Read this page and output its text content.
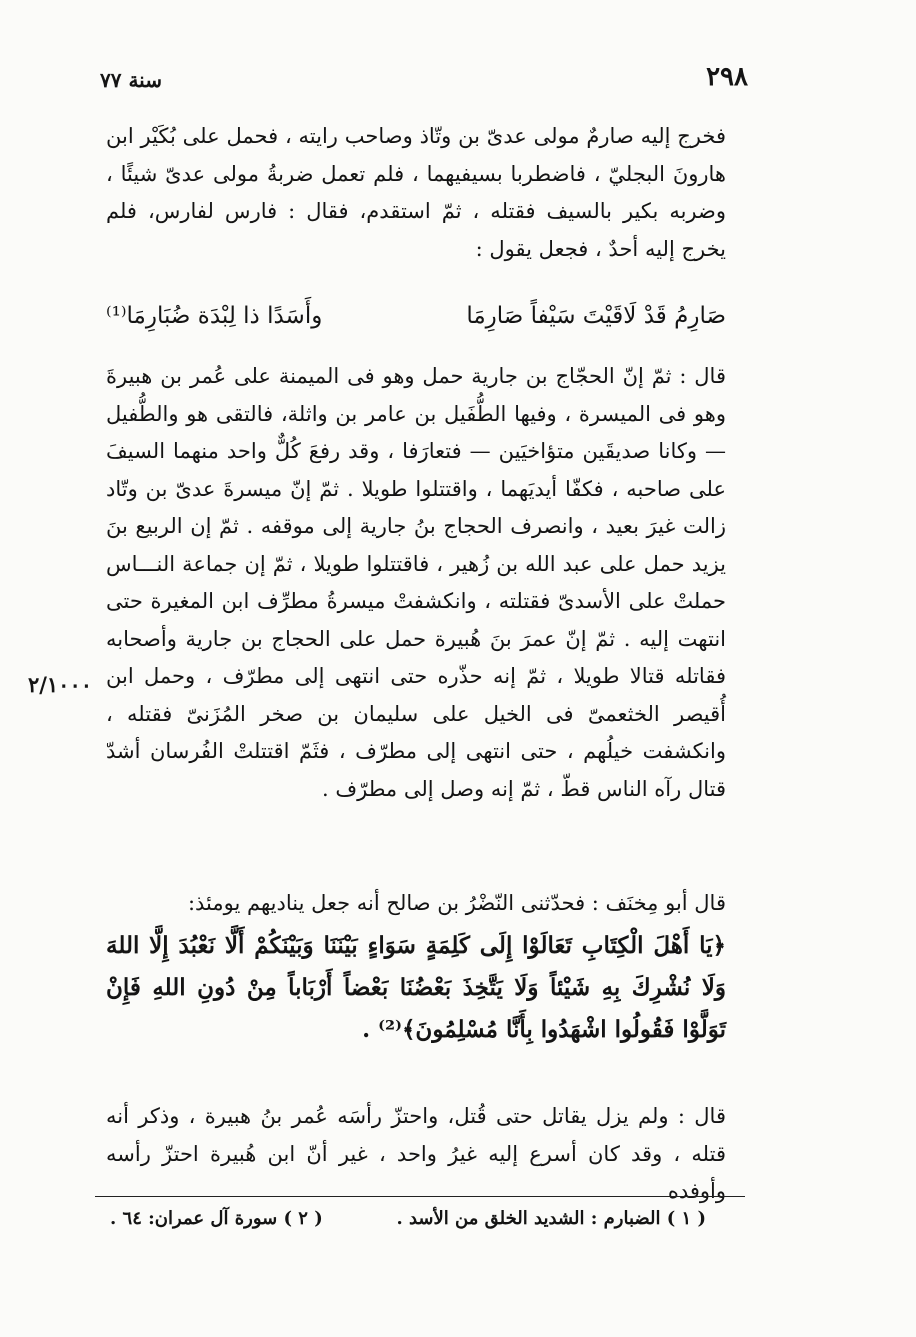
٢٩٨
سنة ٧٧
فخرج إليه صارمٌ مولى عدىّ بن وتّاذ وصاحب رايته ، فحمل على بُكَيْر ابن هارونَ البجليّ ، فاضطربا بسيفيهما ، فلم تعمل ضربةُ مولى عدىّ شيئًا ، وضربه بكير بالسيف فقتله ، ثمّ استقدم، فقال : فارس لفارس، فلم يخرج إليه أحدٌ ، فجعل يقول :
صَارِمُ قَدْ لَاقَيْتَ سَيْفاً صَارِمَا
وأَسَدًا ذا لِبْدَة ضُبَارِمَا⁽¹⁾
قال : ثمّ إنّ الحجّاج بن جارية حمل وهو فى الميمنة على عُمر بن هبيرةَ وهو فى الميسرة ، وفيها الطُّفَيل بن عامر بن واثلة، فالتقى هو والطُّفيل — وكانا صديقَين متؤاخيَين — فتعارَفا ، وقد رفعَ كُلٌّ واحد منهما السيفَ على صاحبه ، فكفّا أيديَهما ، واقتتلوا طويلا . ثمّ إنّ ميسرةَ عدىّ بن وتّاد زالت غيرَ بعيد ، وانصرف الحجاج بنُ جارية إلى موقفه . ثمّ إن الربيع بنَ يزيد حمل على عبد الله بن زُهير ، فاقتتلوا طويلا ، ثمّ إن جماعة النـــاس حملتْ على الأسدىّ فقتلته ، وانكشفتْ ميسرةُ مطرِّف ابن المغيرة حتى انتهت إليه . ثمّ إنّ عمرَ بنَ هُبيرة حمل على الحجاج بن جارية وأصحابه فقاتله قتالا طويلا ، ثمّ إنه حذّره حتى انتهى إلى مطرّف ، وحمل ابن أُقيصر الخثعمىّ فى الخيل على سليمان بن صخر المُزَنىّ فقتله ، وانكشفت خيلُهم ، حتى انتهى إلى مطرّف ، فثَمّ اقتتلتْ الفُرسان أشدّ قتال رآه الناس قطّ ، ثمّ إنه وصل إلى مطرّف .
٢/١٠٠٠
قال أبو مِخنَف : فحدّثنى النّضْرُ بن صالح أنه جعل يناديهم يومئذ:
﴿يَا أَهْلَ الْكِتَابِ تَعَالَوْا إِلَى كَلِمَةٍ سَوَاءٍ بَيْنَنَا وَبَيْنَكُمْ أَلَّا نَعْبُدَ إِلَّا اللهَ وَلَا نُشْرِكَ بِهِ شَيْئاً وَلَا يَتَّخِذَ بَعْضُنَا بَعْضاً أَرْبَاباً مِنْ دُونِ اللهِ فَإِنْ تَوَلَّوْا فَقُولُوا اشْهَدُوا بِأَنَّا مُسْلِمُونَ﴾⁽²⁾ .
قال : ولم يزل يقاتل حتى قُتل، واحتزّ رأسَه عُمر بنُ هبيرة ، وذكر أنه قتله ، وقد كان أسرع إليه غيرُ واحد ، غير أنّ ابن هُبيرة احتزّ رأسه وأوفده
( ١ ) الضبارم : الشديد الخلق من الأسد .
( ٢ ) سورة آل عمران: ٦٤ .
